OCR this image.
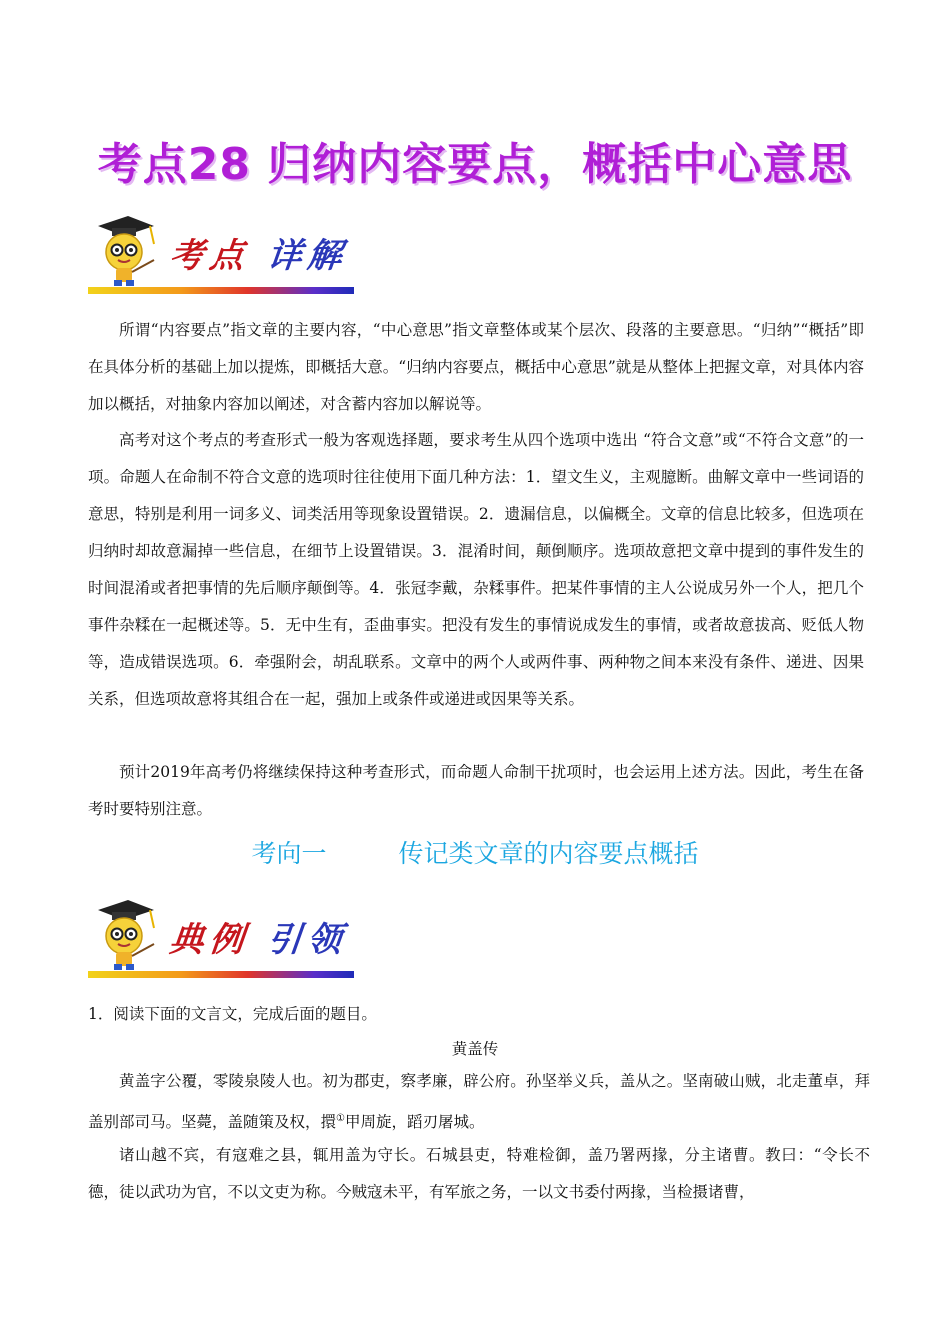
考点28 归纳内容要点，概括中心意思
考点 详解

所谓“内容要点”指文章的主要内容，“中心意思”指文章整体或某个层次、段落的主要意思。“归纳”“概括”即在具体分析的基础上加以提炼，即概括大意。“归纳内容要点，概括中心意思”就是从整体上把握文章，对具体内容加以概括，对抽象内容加以阐述，对含蓄内容加以解说等。

高考对这个考点的考查形式一般为客观选择题，要求考生从四个选项中选出 “符合文意”或“不符合文意”的一项。命题人在命制不符合文意的选项时往往使用下面几种方法：1．望文生义，主观臆断。曲解文章中一些词语的意思，特别是利用一词多义、词类活用等现象设置错误。2．遗漏信息，以偏概全。文章的信息比较多，但选项在归纳时却故意漏掉一些信息，在细节上设置错误。3．混淆时间，颠倒顺序。选项故意把文章中提到的事件发生的时间混淆或者把事情的先后顺序颠倒等。4．张冠李戴，杂糅事件。把某件事情的主人公说成另外一个人，把几个事件杂糅在一起概述等。5．无中生有，歪曲事实。把没有发生的事情说成发生的事情，或者故意拔高、贬低人物等，造成错误选项。6．牵强附会，胡乱联系。文章中的两个人或两件事、两种物之间本来没有条件、递进、因果关系，但选项故意将其组合在一起，强加上或条件或递进或因果等关系。

预计2019年高考仍将继续保持这种考查形式，而命题人命制干扰项时，也会运用上述方法。因此，考生在备考时要特别注意。

考向一	传记类文章的内容要点概括
典例 引领
1．阅读下面的文言文，完成后面的题目。
黄盖传

黄盖字公覆，零陵泉陵人也。初为郡吏，察孝廉，辟公府。孙坚举义兵，盖从之。坚南破山贼，北走董卓，拜盖别部司马。坚薨，盖随策及权，擐①甲周旋，蹈刃屠城。

诸山越不宾，有寇难之县，辄用盖为守长。石城县吏，特难检御，盖乃署两掾，分主诸曹。教曰：“令长不德，徒以武功为官，不以文吏为称。今贼寇未平，有军旅之务，一以文书委付两掾，当检摄诸曹，
